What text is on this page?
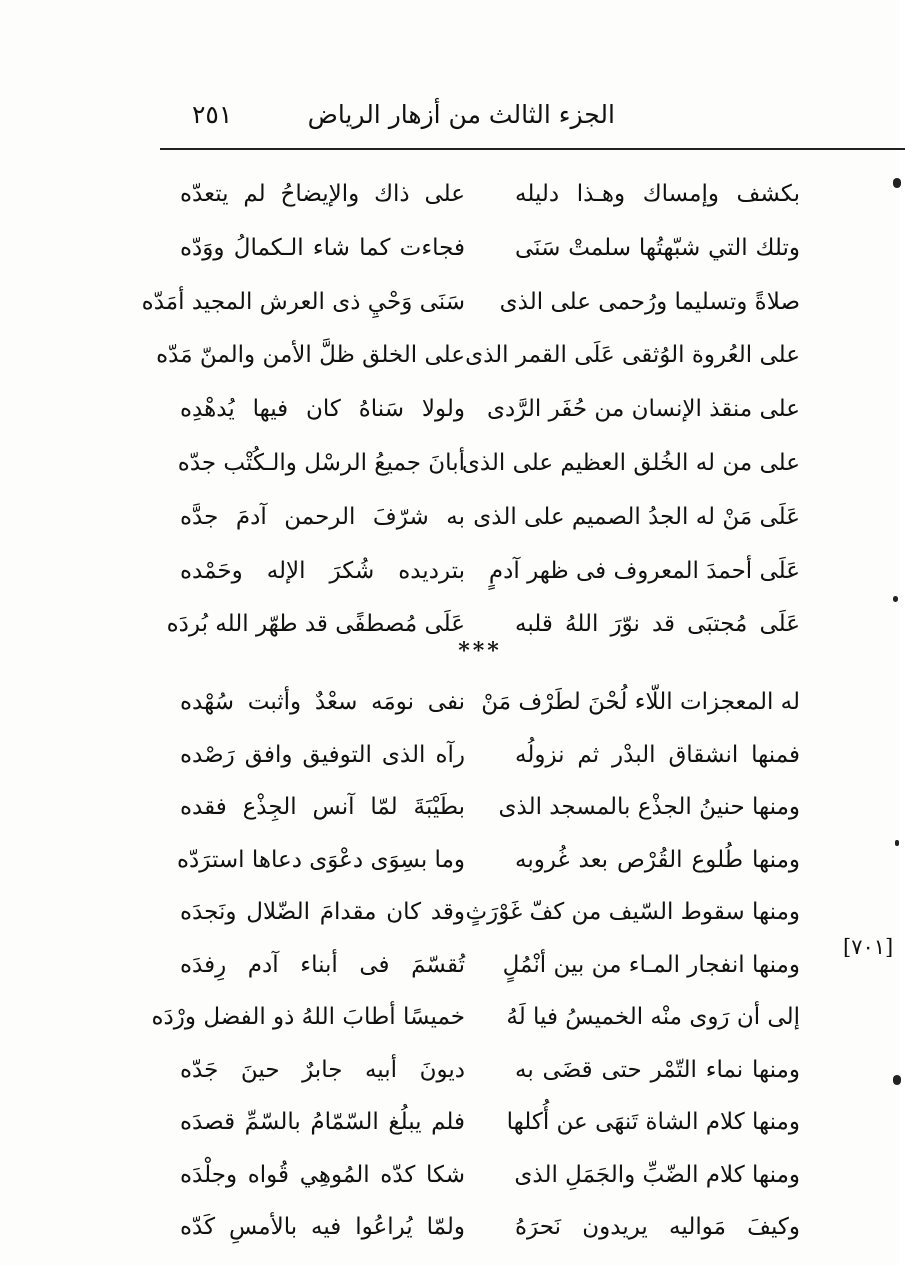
الجزء الثالث من أزهار الرياض
٢٥١
بكشف وإمساك وهـذا دليله
على ذاك والإيضاحُ لم يتعدّه
وتلك التي شبّهتُها سلمتْ سَنَى
فجاءت كما شاء الـكمالُ ووَدّه
صلاةً وتسليما ورُحمى على الذى
سَنَى وَحْيِ ذى العرش المجيد أمَدّه
على العُروة الوُثقى عَلَى القمر الذى
على الخلق ظلَّ الأمن والمنّ مَدّه
على منقذ الإنسان من حُفَر الرَّدى
ولولا سَناهُ كان فيها يُدهْدِه
على من له الخُلق العظيم على الذى
أبانَ جميعُ الرسْل والـكُتْب جدّه
عَلَى مَنْ له الجدُ الصميم على الذى
به شرّفَ الرحمن آدمَ جدَّه
عَلَى أحمدَ المعروف فى ظهر آدمٍ
بترديده شُكرَ الإله وحَمْده
عَلَى مُجتبَى قد نوّرَ اللهُ قلبه
عَلَى مُصطفًى قد طهّر الله بُردَه
***
له المعجزات اللّاء لُحْنَ لطَرْف مَنْ
نفى نومَه سعْدٌ وأثبت سُهْده
فمنها انشقاق البدْر ثم نزولُه
رآه الذى التوفيق وافق رَصْده
ومنها حنينُ الجذْع بالمسجد الذى
بطَيْبَةَ لمّا آنس الجِذْع فقده
ومنها طُلوع القُرْص بعد غُروبه
وما بسِوَى دعْوَى دعاها استرَدّه
ومنها سقوط السّيف من كفّ غَوْرَثٍ
وقد كان مقدامَ الضّلال ونَجدَه
ومنها انفجار المـاء من بين أنْمُلٍ
تُقسّمَ فى أبناء آدم رِفدَه
إلى أن رَوى منْه الخميسُ فيا لَهُ
خميسًا أطابَ اللهُ ذو الفضل ورْدَه
ومنها نماء التّمْر حتى قضَى به
ديونَ أبيه جابرٌ حينَ جَدّه
ومنها كلام الشاة تَنهَى عن أُكلها
فلم يبلُغ السّمّامُ بالسّمِّ قصدَه
ومنها كلام الضّبِّ والجَمَلِ الذى
شكا كدّه المُوهِي قُواه وجلْدَه
وكيفَ مَواليه يريدون نَحرَهُ
ولمّا يُراعُوا فيه بالأمسِ كَدّه
[٧٠١]
